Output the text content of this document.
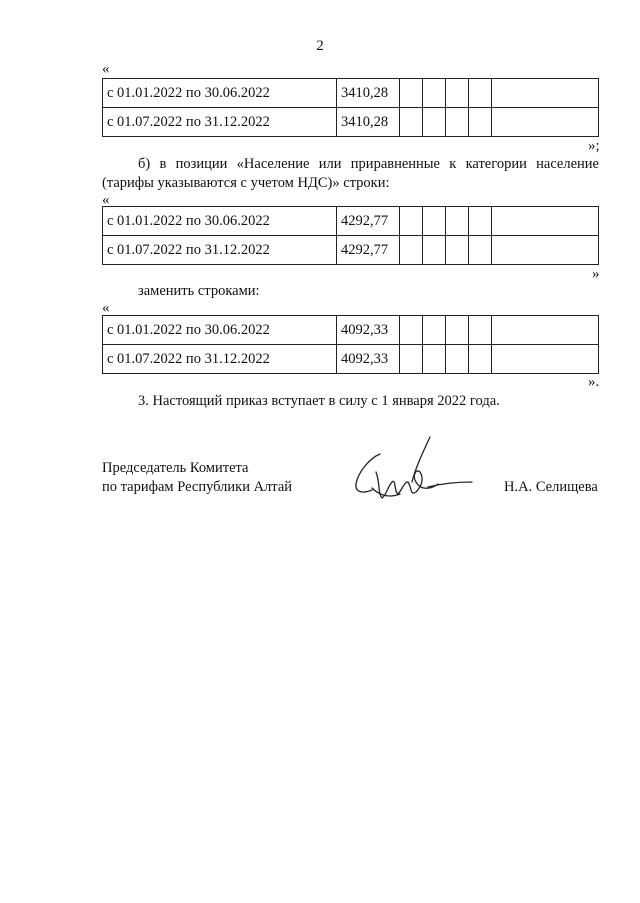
2
«
с 01.01.2022 по 30.06.2022	3410,28					
с 01.07.2022 по 31.12.2022	3410,28					
»;
б) в позиции «Население или приравненные к категории население
(тарифы указываются с учетом НДС)» строки:
«
с 01.01.2022 по 30.06.2022	4292,77					
с 01.07.2022 по 31.12.2022	4292,77					
»
заменить строками:
«
с 01.01.2022 по 30.06.2022	4092,33					
с 01.07.2022 по 31.12.2022	4092,33					
».
3. Настоящий приказ вступает в силу с 1 января 2022 года.
Председатель Комитета
по тарифам Республики Алтай	Н.А. Селищева
